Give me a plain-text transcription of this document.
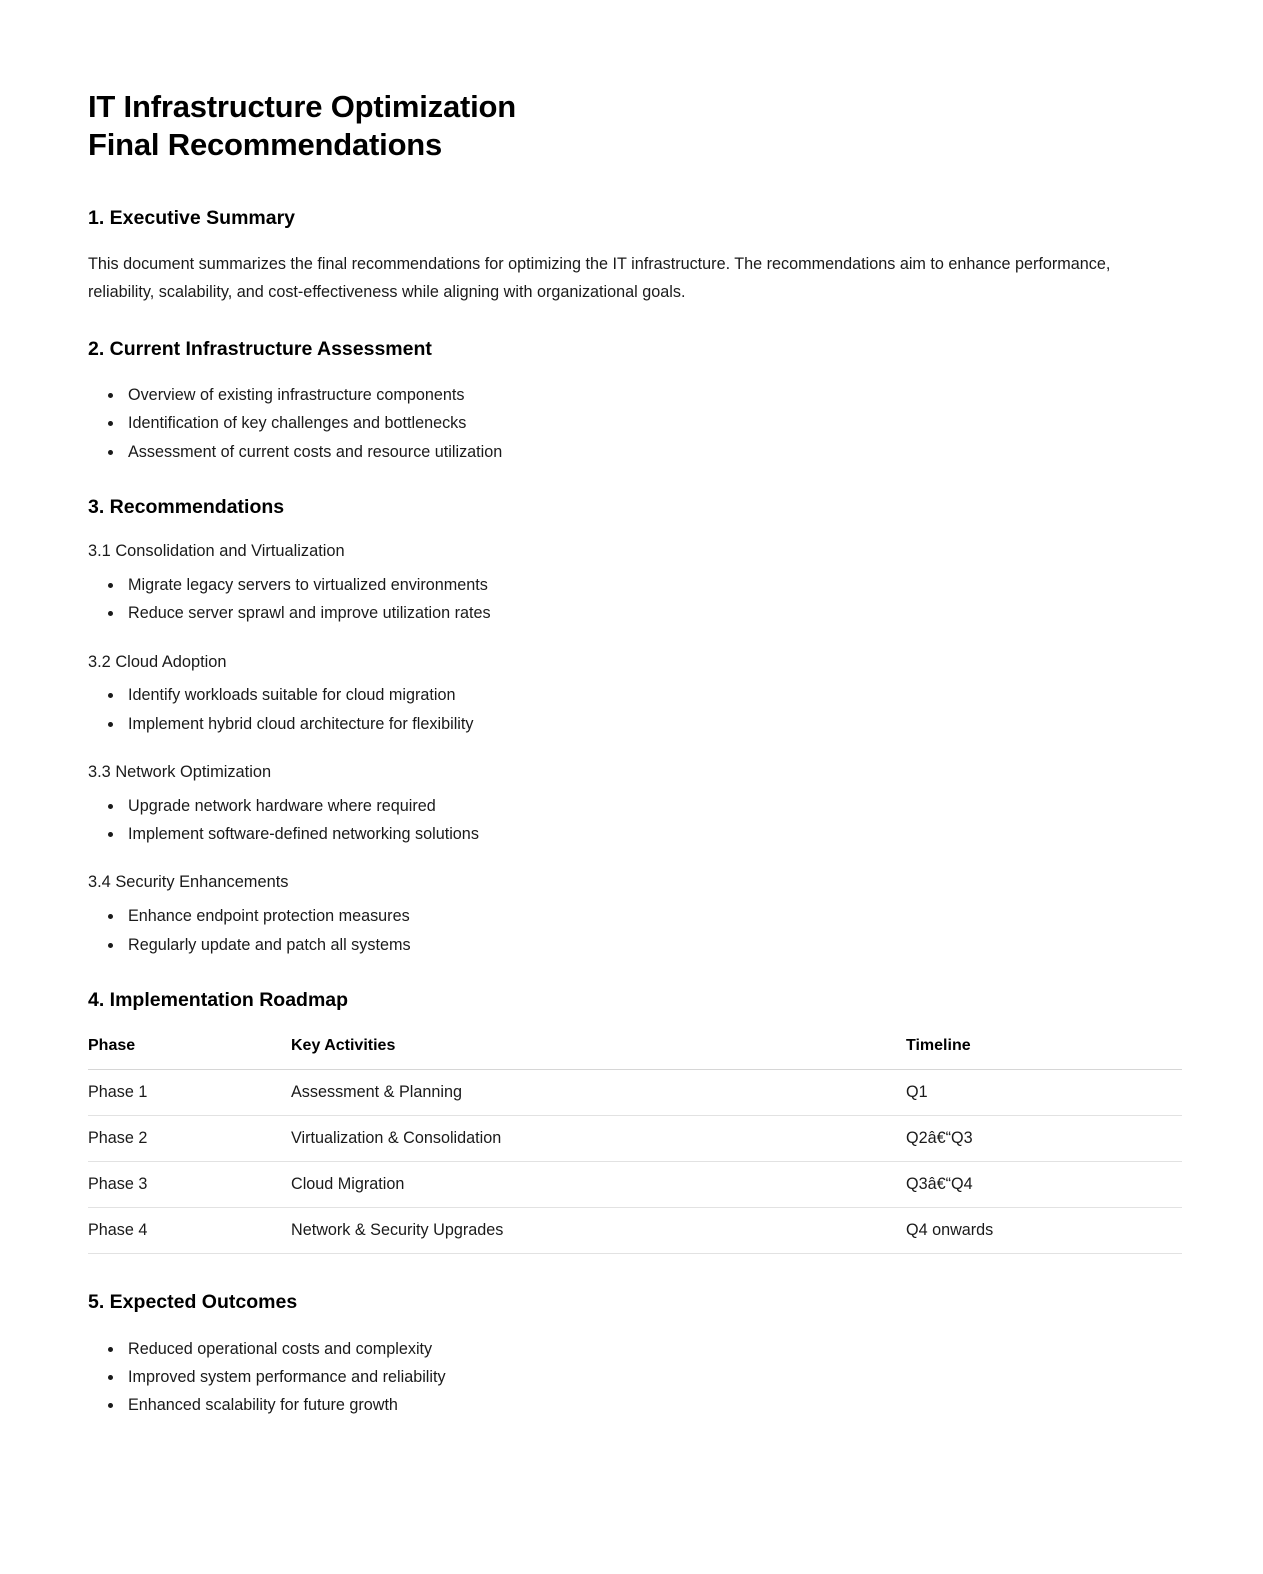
IT Infrastructure Optimization
Final Recommendations
1. Executive Summary

This document summarizes the final recommendations for optimizing the IT infrastructure. The recommendations aim to enhance performance, reliability, scalability, and cost-effectiveness while aligning with organizational goals.

2. Current Infrastructure Assessment
• Overview of existing infrastructure components
• Identification of key challenges and bottlenecks
• Assessment of current costs and resource utilization
3. Recommendations
3.1 Consolidation and Virtualization
• Migrate legacy servers to virtualized environments
• Reduce server sprawl and improve utilization rates
3.2 Cloud Adoption
• Identify workloads suitable for cloud migration
• Implement hybrid cloud architecture for flexibility
3.3 Network Optimization
• Upgrade network hardware where required
• Implement software-defined networking solutions
3.4 Security Enhancements
• Enhance endpoint protection measures
• Regularly update and patch all systems
4. Implementation Roadmap
Phase	Key Activities	Timeline
Phase 1	Assessment & Planning	Q1
Phase 2	Virtualization & Consolidation	Q2â€“Q3
Phase 3	Cloud Migration	Q3â€“Q4
Phase 4	Network & Security Upgrades	Q4 onwards
5. Expected Outcomes
• Reduced operational costs and complexity
• Improved system performance and reliability
• Enhanced scalability for future growth
